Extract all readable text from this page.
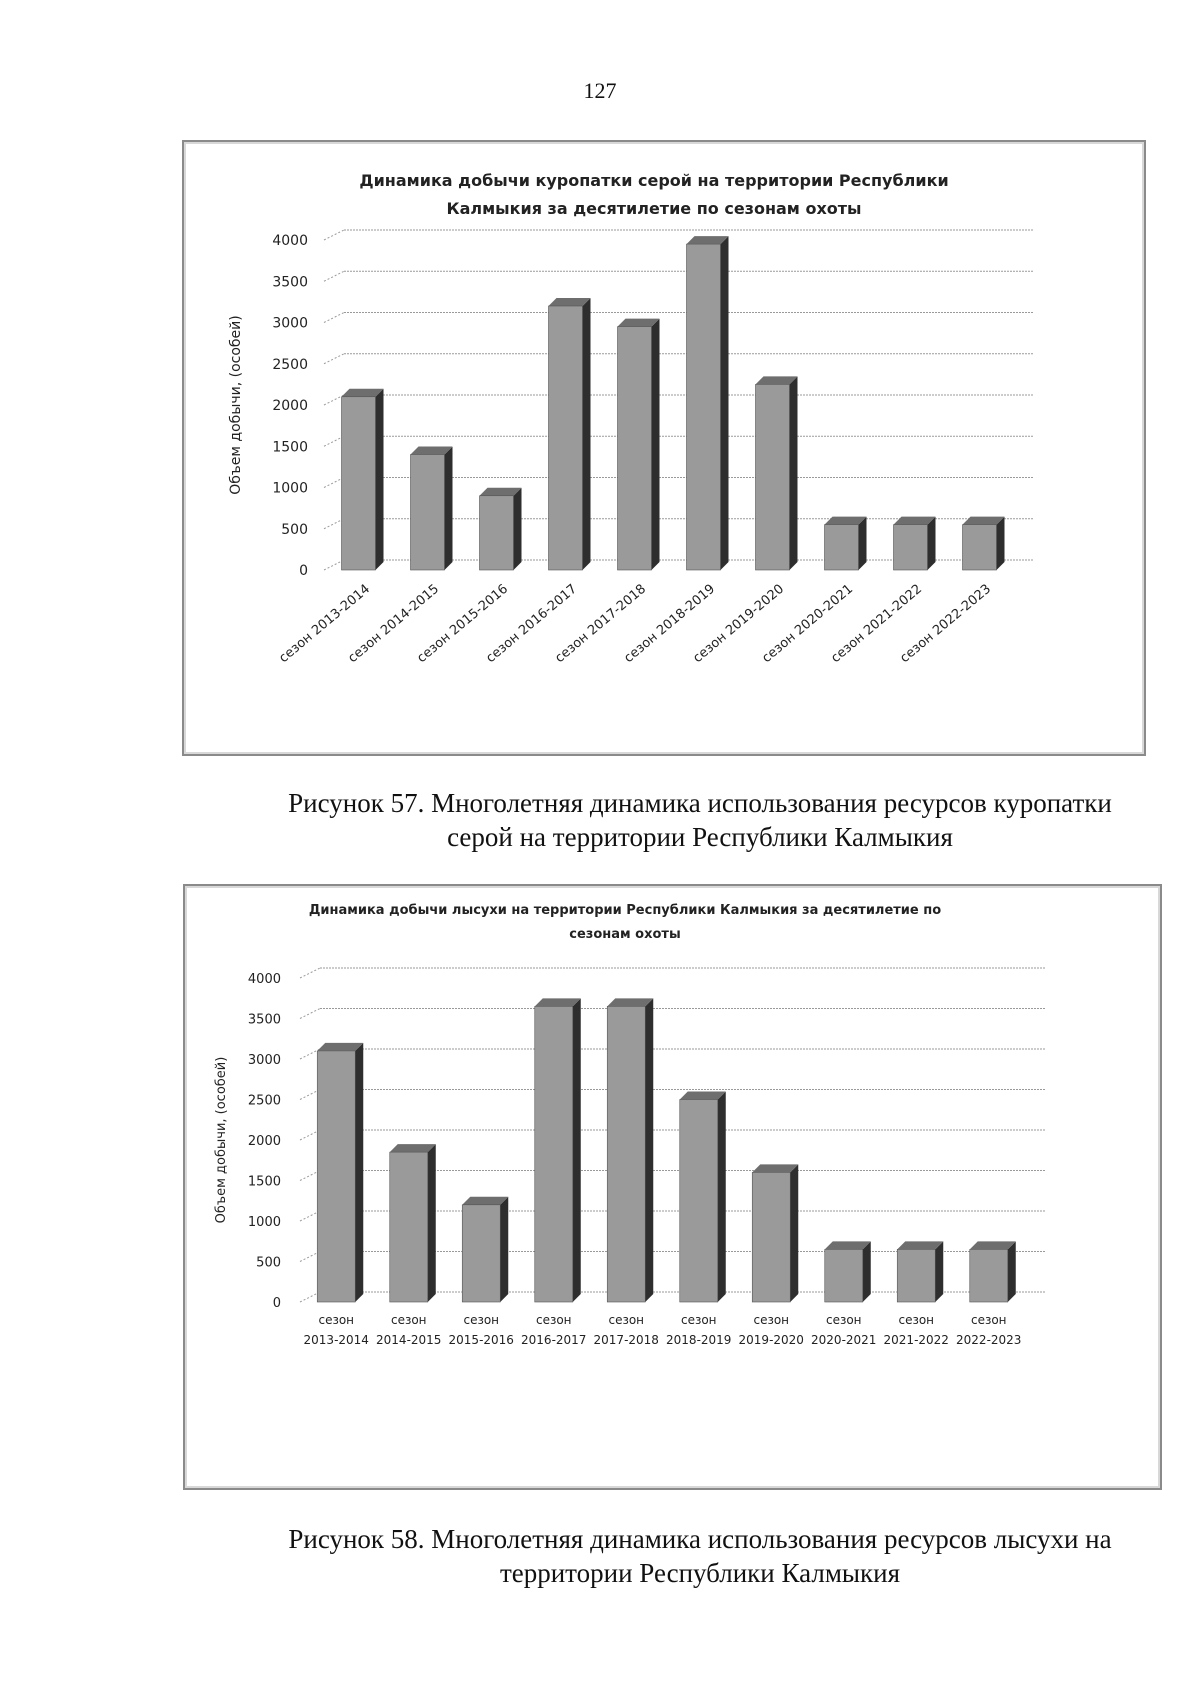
127
Динамика добычи куропатки серой на территории Республики
Калмыкия за десятилетие по сезонам охоты
0
500
1000
1500
2000
2500
3000
3500
4000
Объем добычи, (особей)
сезон 2013-2014
сезон 2014-2015
сезон 2015-2016
сезон 2016-2017
сезон 2017-2018
сезон 2018-2019
сезон 2019-2020
сезон 2020-2021
сезон 2021-2022
сезон 2022-2023
Рисунок 57. Многолетняя динамика использования ресурсов куропатки
серой на территории Республики Калмыкия
Динамика добычи лысухи на территории Республики Калмыкия за десятилетие по
сезонам охоты
0
500
1000
1500
2000
2500
3000
3500
4000
Объем добычи, (особей)
сезон
2013-2014
сезон
2014-2015
сезон
2015-2016
сезон
2016-2017
сезон
2017-2018
сезон
2018-2019
сезон
2019-2020
сезон
2020-2021
сезон
2021-2022
сезон
2022-2023
Рисунок 58. Многолетняя динамика использования ресурсов лысухи на
территории Республики Калмыкия
